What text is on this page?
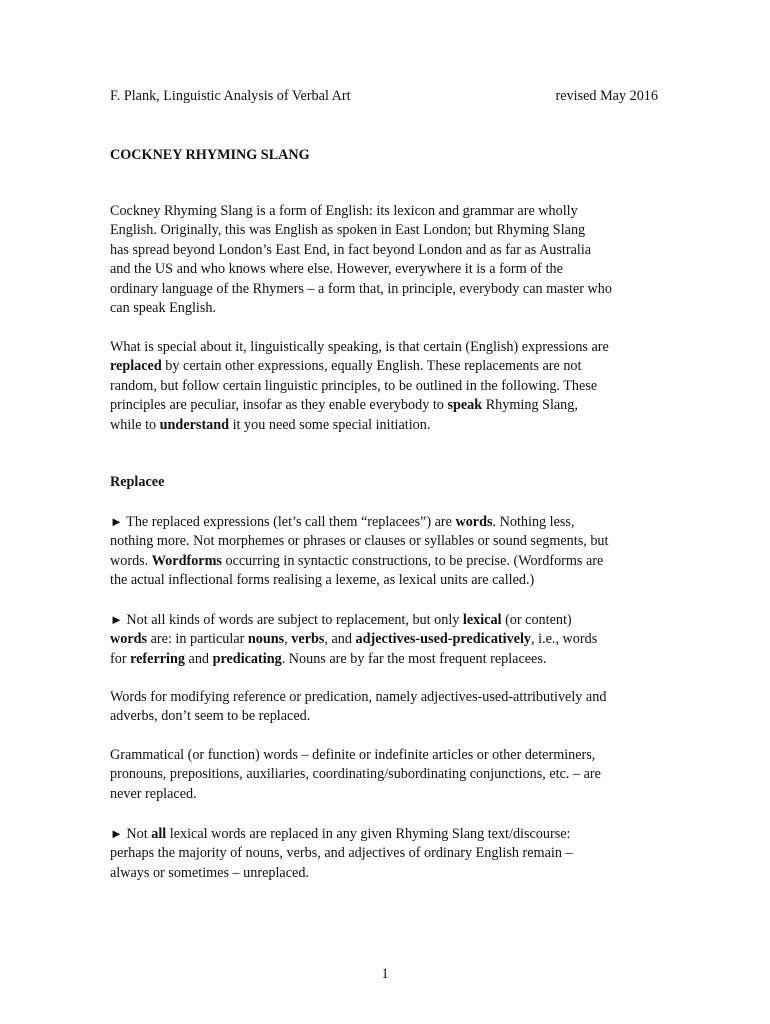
F. Plank, Linguistic Analysis of Verbal Art	revised May 2016
COCKNEY RHYMING SLANG

Cockney Rhyming Slang is a form of English: its lexicon and grammar are wholly

English. Originally, this was English as spoken in East London; but Rhyming Slang

has spread beyond London’s East End, in fact beyond London and as far as Australia

and the US and who knows where else. However, everywhere it is a form of the

ordinary language of the Rhymers – a form that, in principle, everybody can master who

can speak English.

What is special about it, linguistically speaking, is that certain (English) expressions are

replaced by certain other expressions, equally English. These replacements are not

random, but follow certain linguistic principles, to be outlined in the following. These

principles are peculiar, insofar as they enable everybody to speak Rhyming Slang,

while to understand it you need some special initiation.

Replacee

► The replaced expressions (let’s call them “replacees”) are words. Nothing less,

nothing more. Not morphemes or phrases or clauses or syllables or sound segments, but

words. Wordforms occurring in syntactic constructions, to be precise. (Wordforms are

the actual inflectional forms realising a lexeme, as lexical units are called.)

► Not all kinds of words are subject to replacement, but only lexical (or content)

words are: in particular nouns, verbs, and adjectives-used-predicatively, i.e., words

for referring and predicating. Nouns are by far the most frequent replacees.

Words for modifying reference or predication, namely adjectives-used-attributively and

adverbs, don’t seem to be replaced.

Grammatical (or function) words – definite or indefinite articles or other determiners,

pronouns, prepositions, auxiliaries, coordinating/subordinating conjunctions, etc. – are

never replaced.

► Not all lexical words are replaced in any given Rhyming Slang text/discourse:

perhaps the majority of nouns, verbs, and adjectives of ordinary English remain –

always or sometimes – unreplaced.

1
